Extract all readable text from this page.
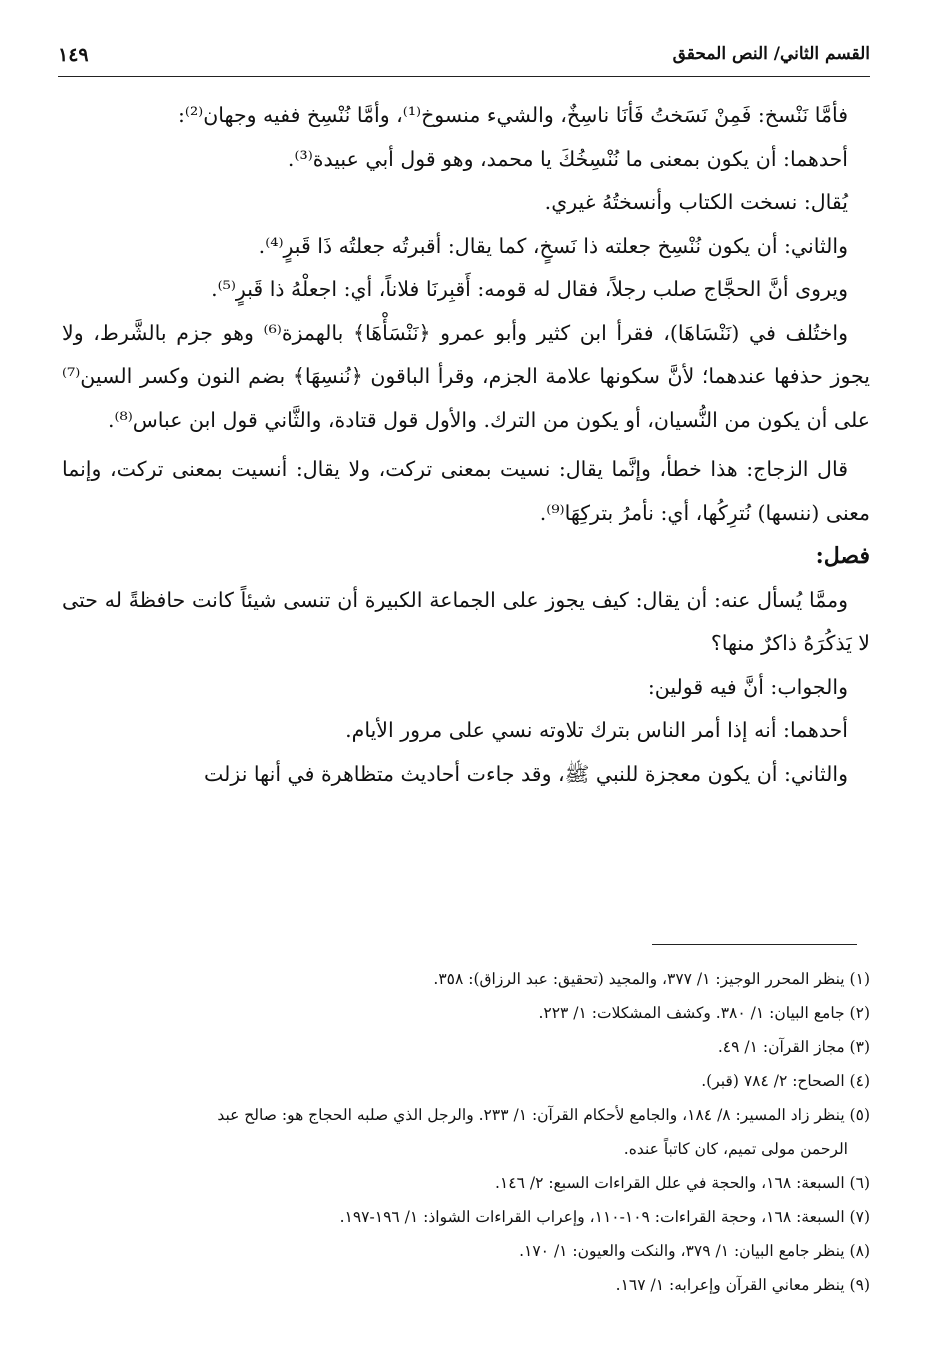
القسم الثاني/ النص المحقق
١٤٩

فأمَّا نَنْسخ: فَمِنْ نَسَختُ فَأنَا ناسِخٌ، والشيء منسوخ⁽¹⁾، وأمَّا نُنْسِخ ففيه وجهان⁽²⁾:

أحدهما: أن يكون بمعنى ما نُنْسِخُكَ يا محمد، وهو قول أبي عبيدة⁽³⁾.

يُقال: نسخت الكتاب وأنسختُهُ غيري.

والثاني: أن يكون نُنْسِخ جعلته ذا نَسخٍ، كما يقال: أقبرتُه جعلتُه ذَا قَبرٍ⁽⁴⁾.

ويروى أنَّ الحجَّاج صلب رجلاً، فقال له قومه: أَقبِرنَا فلاناً، أي: اجعلْهُ ذا قَبرٍ⁽⁵⁾.

واختُلف في (نَنْسَاهَا)، فقرأ ابن كثير وأبو عمرو ﴿نَنْسَأْهَا﴾ بالهمزة⁽⁶⁾ وهو جزم بالشَّرط، ولا يجوز حذفها عندهما؛ لأنَّ سكونها علامة الجزم، وقرأ الباقون ﴿نُنسِهَا﴾ بضم النون وكسر السين⁽⁷⁾ على أن يكون من النُّسيان، أو يكون من الترك. والأول قول قتادة، والثَّاني قول ابن عباس⁽⁸⁾.

قال الزجاج: هذا خطأ، وإنَّما يقال: نسيت بمعنى تركت، ولا يقال: أنسيت بمعنى تركت، وإنما معنى (ننسها) نُترِكُها، أي: نأمرُ بتركِهَا⁽⁹⁾.

فصل:

وممَّا يُسأل عنه: أن يقال: كيف يجوز على الجماعة الكبيرة أن تنسى شيئاً كانت حافظةً له حتى لا يَذكُرَهُ ذاكرٌ منها؟

والجواب: أنَّ فيه قولين:

أحدهما: أنه إذا أمر الناس بترك تلاوته نسي على مرور الأيام.

والثاني: أن يكون معجزة للنبي ﷺ، وقد جاءت أحاديث متظاهرة في أنها نزلت

(١) ينظر المحرر الوجيز: ١/ ٣٧٧، والمجيد (تحقيق: عبد الرزاق): ٣٥٨.

(٢) جامع البيان: ١/ ٣٨٠. وكشف المشكلات: ١/ ٢٢٣.

(٣) مجاز القرآن: ١/ ٤٩.

(٤) الصحاح: ٢/ ٧٨٤ (قبر).

(٥) ينظر زاد المسير: ٨/ ١٨٤، والجامع لأحكام القرآن: ١/ ٢٣٣. والرجل الذي صلبه الحجاج هو: صالح عبد

الرحمن مولى تميم، كان كاتباً عنده.

(٦) السبعة: ١٦٨، والحجة في علل القراءات السبع: ٢/ ١٤٦.

(٧) السبعة: ١٦٨، وحجة القراءات: ١٠٩-١١٠، وإعراب القراءات الشواذ: ١/ ١٩٦-١٩٧.

(٨) ينظر جامع البيان: ١/ ٣٧٩، والنكت والعيون: ١/ ١٧٠.

(٩) ينظر معاني القرآن وإعرابه: ١/ ١٦٧.
